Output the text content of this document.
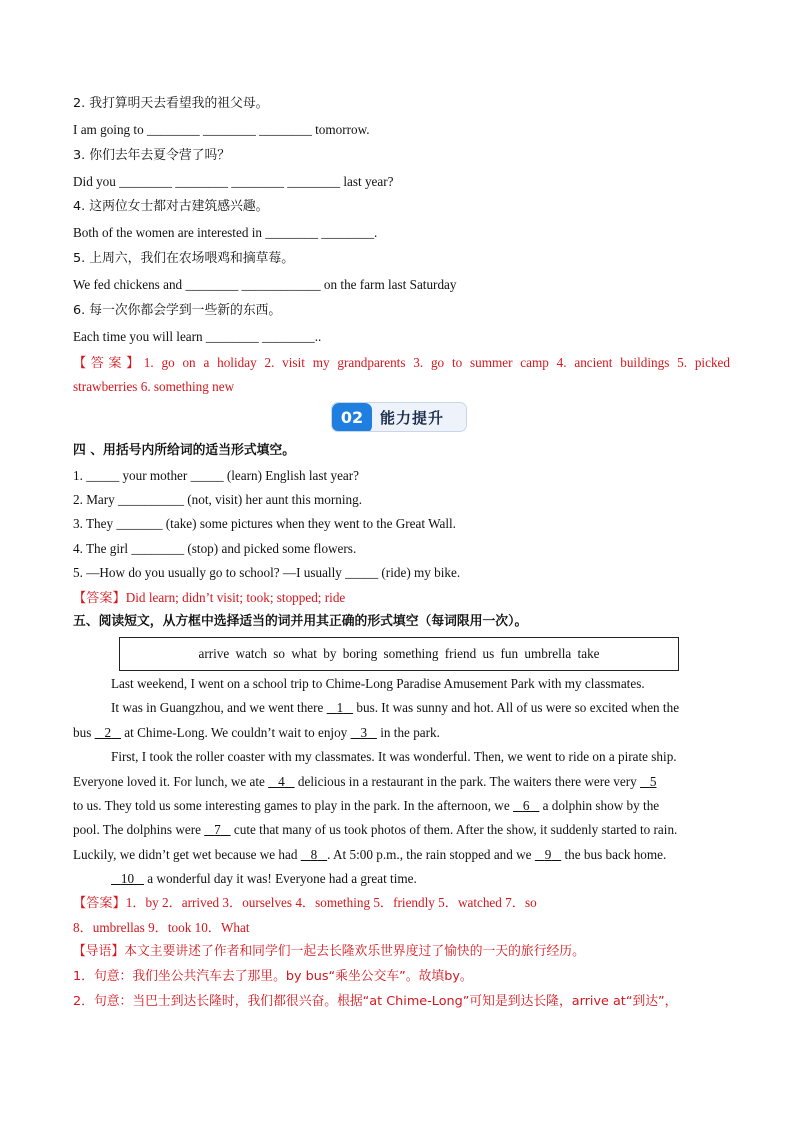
2. 我打算明天去看望我的祖父母。
I am going to ________ ________ ________ tomorrow.
3. 你们去年去夏令营了吗？
Did you ________ ________ ________ ________ last year?
4. 这两位女士都对古建筑感兴趣。
Both of the women are interested in ________ ________.
5. 上周六，我们在农场喂鸡和摘草莓。
We fed chickens and ________ ____________ on the farm last Saturday
6. 每一次你都会学到一些新的东西。
Each time you will learn ________ ________..
【答案】1. go on a holiday 2. visit my grandparents 3. go to summer camp 4. ancient buildings 5. picked
strawberries 6. something new
02	能力提升
四 、用括号内所给词的适当形式填空。
1. _____ your mother _____ (learn) English last year?
2. Mary __________ (not, visit) her aunt this morning.
3. They _______ (take) some pictures when they went to the Great Wall.
4. The girl ________ (stop) and picked some flowers.
5. —How do you usually go to school? —I usually _____ (ride) my bike.
【答案】Did learn; didn’t visit; took; stopped; ride
五、阅读短文，从方框中选择适当的词并用其正确的形式填空（每词限用一次）。
arrive watch so what by boring something friend us fun umbrella take
Last weekend, I went on a school trip to Chime-Long Paradise Amusement Park with my classmates.
It was in Guangzhou, and we went there 1 bus. It was sunny and hot. All of us were so excited when the
bus 2 at Chime-Long. We couldn’t wait to enjoy 3 in the park.
First, I took the roller coaster with my classmates. It was wonderful. Then, we went to ride on a pirate ship.
Everyone loved it. For lunch, we ate 4 delicious in a restaurant in the park. The waiters there were very 5
to us. They told us some interesting games to play in the park. In the afternoon, we 6 a dolphin show by the
pool. The dolphins were 7 cute that many of us took photos of them. After the show, it suddenly started to rain.
Luckily, we didn’t get wet because we had 8 . At 5:00 p.m., the rain stopped and we 9 the bus back home.
10 a wonderful day it was! Everyone had a great time.
【答案】1．by 2．arrived 3．ourselves 4．something 5．friendly 5．watched 7．so
8．umbrellas 9．took 10．What
【导语】本文主要讲述了作者和同学们一起去长隆欢乐世界度过了愉快的一天的旅行经历。
1．句意：我们坐公共汽车去了那里。by bus“乘坐公交车”。故填by。
2．句意：当巴士到达长隆时，我们都很兴奋。根据“at Chime-Long”可知是到达长隆，arrive at“到达”，
